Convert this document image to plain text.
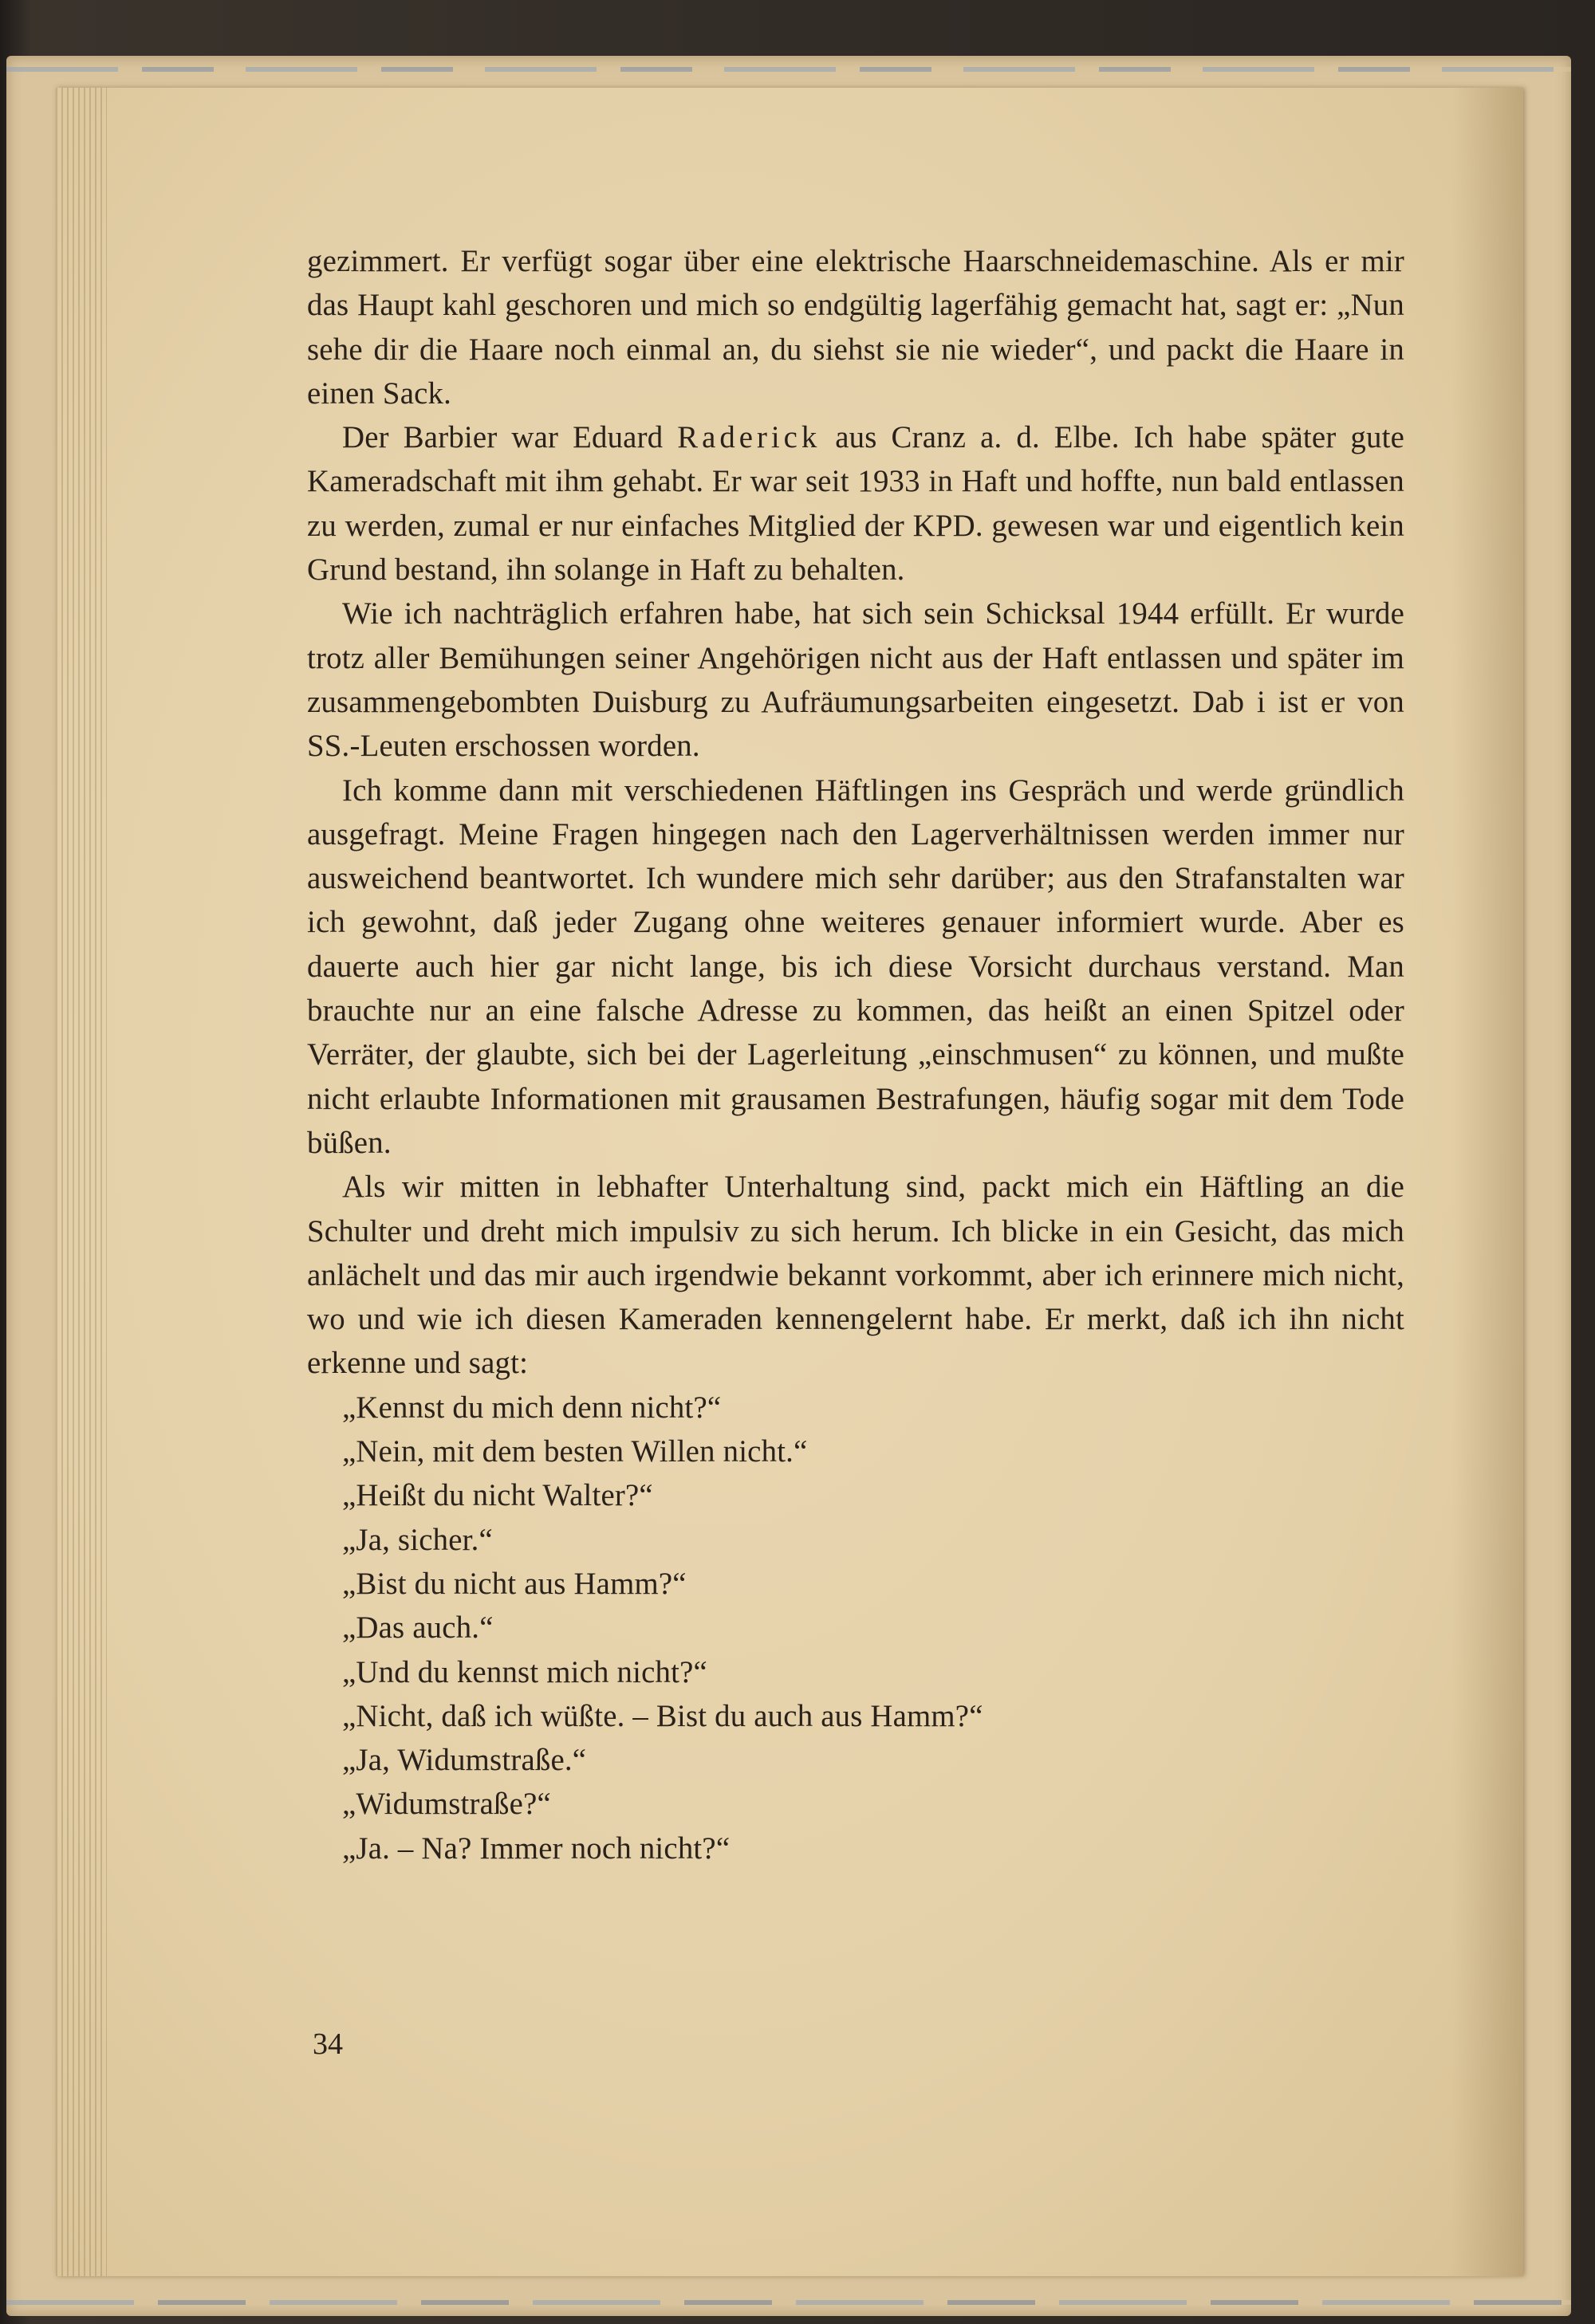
gezimmert. Er verfügt sogar über eine elektrische Haarschneidemaschine. Als er mir das Haupt kahl geschoren und mich so endgültig lagerfähig gemacht hat, sagt er: „Nun sehe dir die Haare noch einmal an, du siehst sie nie wieder“, und packt die Haare in einen Sack.

Der Barbier war Eduard Raderick aus Cranz a. d. Elbe. Ich habe später gute Kameradschaft mit ihm gehabt. Er war seit 1933 in Haft und hoffte, nun bald entlassen zu werden, zumal er nur einfaches Mitglied der KPD. gewesen war und eigentlich kein Grund bestand, ihn solange in Haft zu behalten.

Wie ich nachträglich erfahren habe, hat sich sein Schicksal 1944 erfüllt. Er wurde trotz aller Bemühungen seiner Angehörigen nicht aus der Haft entlassen und später im zusammengebombten Duisburg zu Aufräumungsarbeiten eingesetzt. Dab i ist er von SS.-Leuten erschossen worden.

Ich komme dann mit verschiedenen Häftlingen ins Gespräch und werde gründlich ausgefragt. Meine Fragen hingegen nach den Lagerverhältnissen werden immer nur ausweichend beantwortet. Ich wundere mich sehr darüber; aus den Strafanstalten war ich gewohnt, daß jeder Zugang ohne weiteres genauer informiert wurde. Aber es dauerte auch hier gar nicht lange, bis ich diese Vorsicht durchaus verstand. Man brauchte nur an eine falsche Adresse zu kommen, das heißt an einen Spitzel oder Verräter, der glaubte, sich bei der Lagerleitung „einschmusen“ zu können, und mußte nicht erlaubte Informationen mit grausamen Bestrafungen, häufig sogar mit dem Tode büßen.

Als wir mitten in lebhafter Unterhaltung sind, packt mich ein Häftling an die Schulter und dreht mich impulsiv zu sich herum. Ich blicke in ein Gesicht, das mich anlächelt und das mir auch irgendwie bekannt vorkommt, aber ich erinnere mich nicht, wo und wie ich diesen Kameraden kennengelernt habe. Er merkt, daß ich ihn nicht erkenne und sagt:

„Kennst du mich denn nicht?“

„Nein, mit dem besten Willen nicht.“

„Heißt du nicht Walter?“

„Ja, sicher.“

„Bist du nicht aus Hamm?“

„Das auch.“

„Und du kennst mich nicht?“

„Nicht, daß ich wüßte. – Bist du auch aus Hamm?“

„Ja, Widumstraße.“

„Widumstraße?“

„Ja. – Na? Immer noch nicht?“

34
